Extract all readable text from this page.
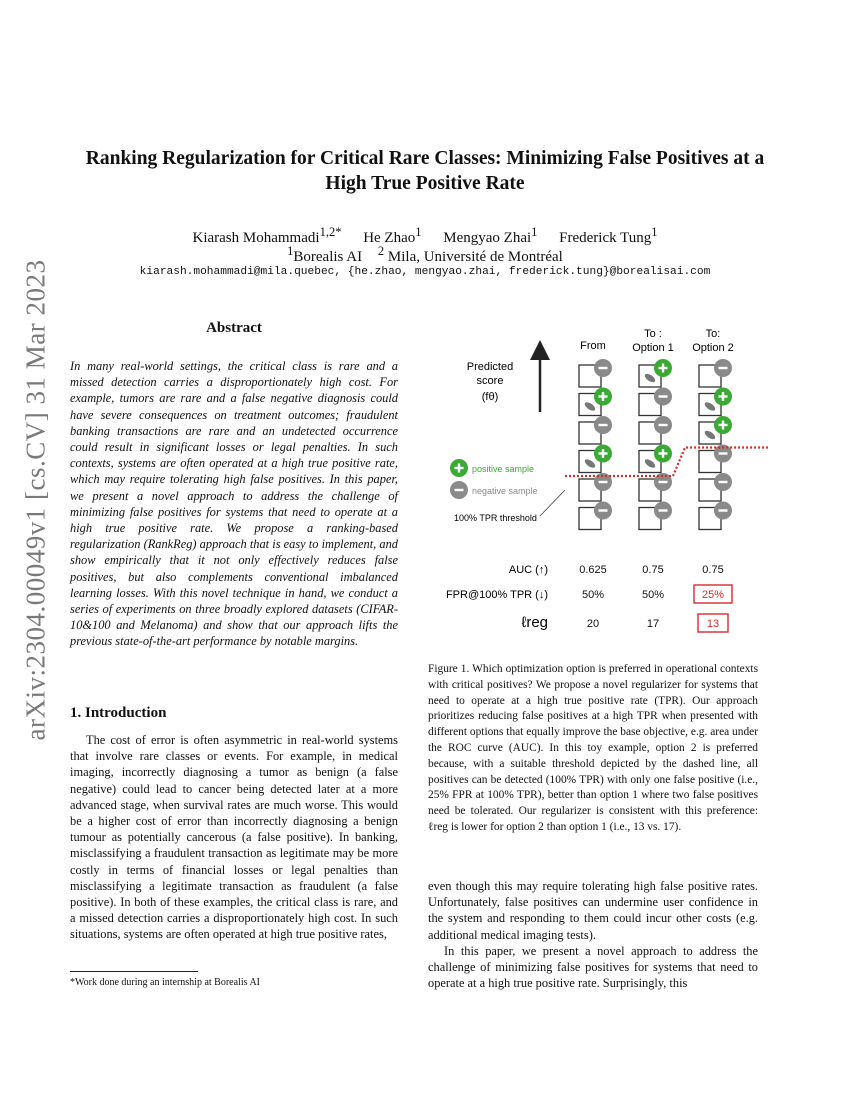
arXiv:2304.00049v1 [cs.CV] 31 Mar 2023
Ranking Regularization for Critical Rare Classes: Minimizing False Positives at a High True Positive Rate
Kiarash Mohammadi$^{1,2*}$ He Zhao$^1$ Mengyao Zhai$^1$ Frederick Tung$^1$
$^1$Borealis AI $^2$ Mila, Université de Montréal
kiarash.mohammadi@mila.quebec, {he.zhao, mengyao.zhai, frederick.tung}@borealisai.com
Abstract
In many real-world settings, the critical class is rare and a missed detection carries a disproportionately high cost. For example, tumors are rare and a false negative diagnosis could have severe consequences on treatment outcomes; fraudulent banking transactions are rare and an undetected occurrence could result in significant losses or legal penalties. In such contexts, systems are often operated at a high true positive rate, which may require tolerating high false positives. In this paper, we present a novel approach to address the challenge of minimizing false positives for systems that need to operate at a high true positive rate. We propose a ranking-based regularization (RankReg) approach that is easy to implement, and show empirically that it not only effectively reduces false positives, but also complements conventional imbalanced learning losses. With this novel technique in hand, we conduct a series of experiments on three broadly explored datasets (CIFAR-10&100 and Melanoma) and show that our approach lifts the previous state-of-the-art performance by notable margins.
1. Introduction
The cost of error is often asymmetric in real-world systems that involve rare classes or events. For example, in medical imaging, incorrectly diagnosing a tumor as benign (a false negative) could lead to cancer being detected later at a more advanced stage, when survival rates are much worse. This would be a higher cost of error than incorrectly diagnosing a benign tumour as potentially cancerous (a false positive). In banking, misclassifying a fraudulent transaction as legitimate may be more costly in terms of financial losses or legal penalties than misclassifying a legitimate transaction as fraudulent (a false positive). In both of these examples, the critical class is rare, and a missed detection carries a disproportionately high cost. In such situations, systems are often operated at high true positive rates,
*Work done during an internship at Borealis AI
Predicted
score
(fθ)
positive sample
negative sample
100% TPR threshold
From
To :
Option 1
To:
Option 2
AUC (↑)	0.625	0.75	0.75
FPR@100% TPR (↓)	50%	50%	25%
ℓreg	20	17	13
Figure 1. Which optimization option is preferred in operational contexts with critical positives? We propose a novel regularizer for systems that need to operate at a high true positive rate (TPR). Our approach prioritizes reducing false positives at a high TPR when presented with different options that equally improve the base objective, e.g. area under the ROC curve (AUC). In this toy example, option 2 is preferred because, with a suitable threshold depicted by the dashed line, all positives can be detected (100% TPR) with only one false positive (i.e., 25% FPR at 100% TPR), better than option 1 where two false positives need be tolerated. Our regularizer is consistent with this preference: ℓreg is lower for option 2 than option 1 (i.e., 13 vs. 17).
even though this may require tolerating high false positive rates. Unfortunately, false positives can undermine user confidence in the system and responding to them could incur other costs (e.g. additional medical imaging tests).
In this paper, we present a novel approach to address the challenge of minimizing false positives for systems that need to operate at a high true positive rate. Surprisingly, this
